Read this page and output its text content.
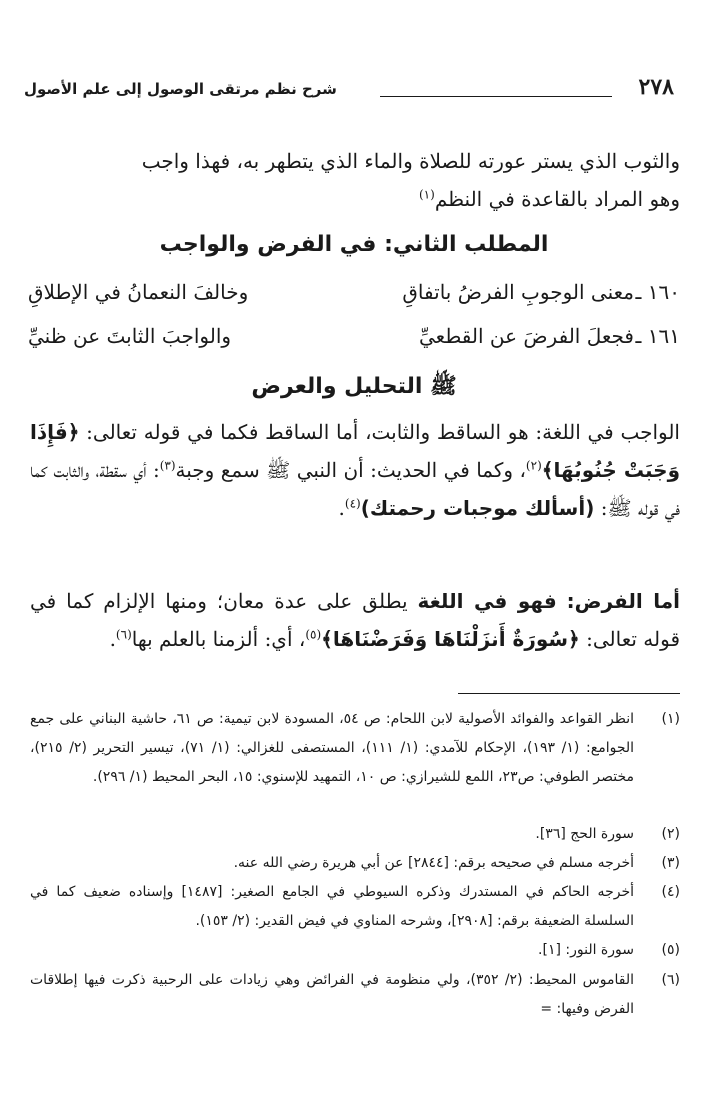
٢٧٨
شرح نظم مرتقى الوصول إلى علم الأصول

والثوب الذي يستر عورته للصلاة والماء الذي يتطهر به، فهذا واجب
وهو المراد بالقاعدة في النظم$^{(١)}$

المطلب الثاني: في الفرض والواجب
١٦٠ ـ
معنى الوجوبِ الفرضُ باتفاقِ
وخالفَ النعمانُ في الإطلاقِ
١٦١ ـ
فجعلَ الفرضَ عن القطعيِّ
والواجبَ الثابتَ عن ظنيِّ
ﷺ التحليل والعرض

الواجب في اللغة: هو الساقط والثابت، أما الساقط فكما في قوله تعالى: ﴿فَإِذَا وَجَبَتْ جُنُوبُهَا﴾$^{(٢)}$، وكما في الحديث: أن النبي ﷺ سمع وجبة$^{(٣)}$: أي سقطة، والثابت كما في قوله ﷺ: (أسألك موجبات رحمتك)$^{(٤)}$.

أما الفرض: فهو في اللغة يطلق على عدة معان؛ ومنها الإلزام كما في قوله تعالى: ﴿سُورَةٌ أَنزَلْنَاهَا وَفَرَضْنَاهَا﴾$^{(٥)}$، أي: ألزمنا بالعلم بها$^{(٦)}$.

(١)
انظر القواعد والفوائد الأصولية لابن اللحام: ص ٥٤، المسودة لابن تيمية: ص ٦١، حاشية البناني على جمع الجوامع: (١/ ١٩٣)، الإحكام للآمدي: (١/ ١١١)، المستصفى للغزالي: (١/ ٧١)، تيسير التحرير (٢/ ٢١٥)، مختصر الطوفي: ص٢٣، اللمع للشيرازي: ص ١٠، التمهيد للإسنوي: ١٥، البحر المحيط (١/ ٢٩٦).
(٢)
سورة الحج [٣٦].
(٣)
أخرجه مسلم في صحيحه برقم: [٢٨٤٤] عن أبي هريرة رضي الله عنه.
(٤)
أخرجه الحاكم في المستدرك وذكره السيوطي في الجامع الصغير: [١٤٨٧] وإسناده ضعيف كما في السلسلة الضعيفة برقم: [٢٩٠٨]، وشرحه المناوي في فيض القدير: (٢/ ١٥٣).
(٥)
سورة النور: [١].
(٦)
القاموس المحيط: (٢/ ٣٥٢)، ولي منظومة في الفرائض وهي زيادات على الرحبية ذكرت فيها إطلاقات الفرض وفيها: =
